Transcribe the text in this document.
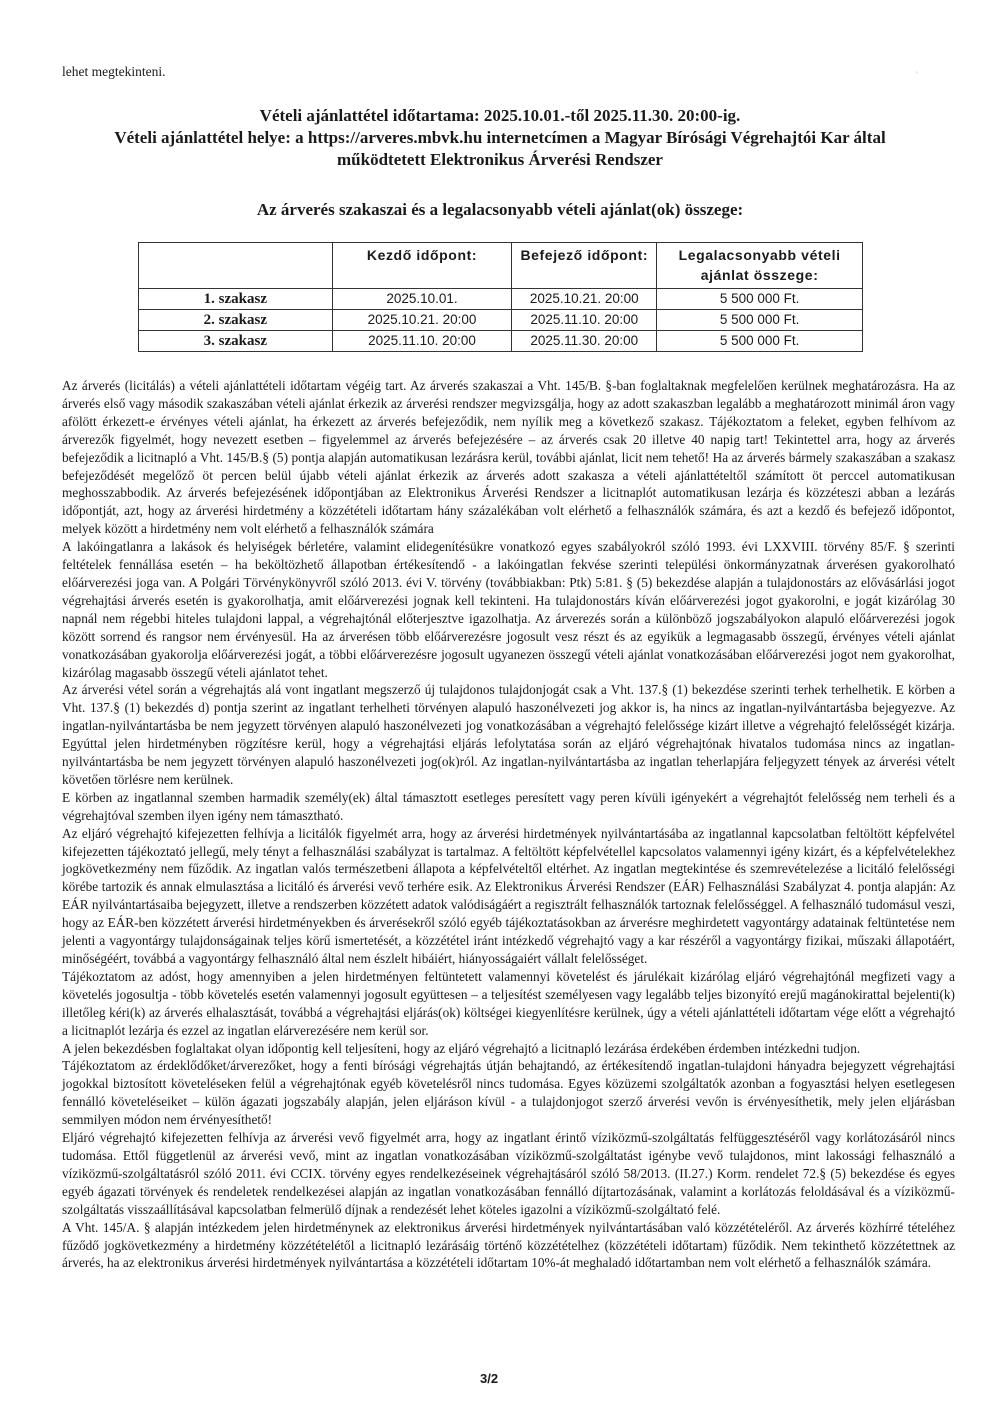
lehet megtekinteni.	′
Vételi ajánlattétel időtartama: 2025.10.01.-től 2025.11.30. 20:00-ig.
Vételi ajánlattétel helye: a https://arveres.mbvk.hu internetcímen a Magyar Bírósági Végrehajtói Kar által
működtetett Elektronikus Árverési Rendszer
Az árverés szakaszai és a legalacsonyabb vételi ajánlat(ok) összege:
	Kezdő időpont:	Befejező időpont:	Legalacsonyabb vételi ajánlat összege:
1. szakasz	2025.10.01.	2025.10.21. 20:00	5 500 000 Ft.
2. szakasz	2025.10.21. 20:00	2025.11.10. 20:00	5 500 000 Ft.
3. szakasz	2025.11.10. 20:00	2025.11.30. 20:00	5 500 000 Ft.

Az árverés (licitálás) a vételi ajánlattételi időtartam végéig tart. Az árverés szakaszai a Vht. 145/B. §-ban foglaltaknak megfelelően kerülnek meghatározásra. Ha az árverés első vagy második szakaszában vételi ajánlat érkezik az árverési rendszer megvizsgálja, hogy az adott szakaszban legalább a meghatározott minimál áron vagy afölött érkezett-e érvényes vételi ajánlat, ha érkezett az árverés befejeződik, nem nyílik meg a következő szakasz. Tájékoztatom a feleket, egyben felhívom az árverezők figyelmét, hogy nevezett esetben – figyelemmel az árverés befejezésére – az árverés csak 20 illetve 40 napig tart! Tekintettel arra, hogy az árverés befejeződik a licitnapló a Vht. 145/B.§ (5) pontja alapján automatikusan lezárásra kerül, további ajánlat, licit nem tehető! Ha az árverés bármely szakaszában a szakasz befejeződését megelőző öt percen belül újabb vételi ajánlat érkezik az árverés adott szakasza a vételi ajánlattételtől számított öt perccel automatikusan meghosszabbodik. Az árverés befejezésének időpontjában az Elektronikus Árverési Rendszer a licitnaplót automatikusan lezárja és közzéteszi abban a lezárás időpontját, azt, hogy az árverési hirdetmény a közzétételi időtartam hány százalékában volt elérhető a felhasználók számára, és azt a kezdő és befejező időpontot, melyek között a hirdetmény nem volt elérhető a felhasználók számára

A lakóingatlanra a lakások és helyiségek bérletére, valamint elidegenítésükre vonatkozó egyes szabályokról szóló 1993. évi LXXVIII. törvény 85/F. § szerinti feltételek fennállása esetén – ha beköltözhető állapotban értékesítendő - a lakóingatlan fekvése szerinti települési önkormányzatnak árverésen gyakorolható előárverezési joga van. A Polgári Törvénykönyvről szóló 2013. évi V. törvény (továbbiakban: Ptk) 5:81. § (5) bekezdése alapján a tulajdonostárs az elővásárlási jogot végrehajtási árverés esetén is gyakorolhatja, amit előárverezési jognak kell tekinteni. Ha tulajdonostárs kíván előárverezési jogot gyakorolni, e jogát kizárólag 30 napnál nem régebbi hiteles tulajdoni lappal, a végrehajtónál előterjesztve igazolhatja. Az árverezés során a különböző jogszabályokon alapuló előárverezési jogok között sorrend és rangsor nem érvényesül. Ha az árverésen több előárverezésre jogosult vesz részt és az egyikük a legmagasabb összegű, érvényes vételi ajánlat vonatkozásában gyakorolja előárverezési jogát, a többi előárverezésre jogosult ugyanezen összegű vételi ajánlat vonatkozásában előárverezési jogot nem gyakorolhat, kizárólag magasabb összegű vételi ajánlatot tehet.

Az árverési vétel során a végrehajtás alá vont ingatlant megszerző új tulajdonos tulajdonjogát csak a Vht. 137.§ (1) bekezdése szerinti terhek terhelhetik. E körben a Vht. 137.§ (1) bekezdés d) pontja szerint az ingatlant terhelheti törvényen alapuló haszonélvezeti jog akkor is, ha nincs az ingatlan-nyilvántartásba bejegyezve. Az ingatlan-nyilvántartásba be nem jegyzett törvényen alapuló haszonélvezeti jog vonatkozásában a végrehajtó felelőssége kizárt illetve a végrehajtó felelősségét kizárja. Egyúttal jelen hirdetményben rögzítésre kerül, hogy a végrehajtási eljárás lefolytatása során az eljáró végrehajtónak hivatalos tudomása nincs az ingatlan-nyilvántartásba be nem jegyzett törvényen alapuló haszonélvezeti jog(ok)ról. Az ingatlan-nyilvántartásba az ingatlan teherlapjára feljegyzett tények az árverési vételt követően törlésre nem kerülnek.

E körben az ingatlannal szemben harmadik személy(ek) által támasztott esetleges peresített vagy peren kívüli igényekért a végrehajtót felelősség nem terheli és a végrehajtóval szemben ilyen igény nem támasztható.

Az eljáró végrehajtó kifejezetten felhívja a licitálók figyelmét arra, hogy az árverési hirdetmények nyilvántartásába az ingatlannal kapcsolatban feltöltött képfelvétel kifejezetten tájékoztató jellegű, mely tényt a felhasználási szabályzat is tartalmaz. A feltöltött képfelvétellel kapcsolatos valamennyi igény kizárt, és a képfelvételekhez jogkövetkezmény nem fűződik. Az ingatlan valós természetbeni állapota a képfelvételtől eltérhet. Az ingatlan megtekintése és szemrevételezése a licitáló felelősségi körébe tartozik és annak elmulasztása a licitáló és árverési vevő terhére esik. Az Elektronikus Árverési Rendszer (EÁR) Felhasználási Szabályzat 4. pontja alapján: Az EÁR nyilvántartásaiba bejegyzett, illetve a rendszerben közzétett adatok valódiságáért a regisztrált felhasználók tartoznak felelősséggel. A felhasználó tudomásul veszi, hogy az EÁR-ben közzétett árverési hirdetményekben és árverésekről szóló egyéb tájékoztatásokban az árverésre meghirdetett vagyontárgy adatainak feltüntetése nem jelenti a vagyontárgy tulajdonságainak teljes körű ismertetését, a közzététel iránt intézkedő végrehajtó vagy a kar részéről a vagyontárgy fizikai, műszaki állapotáért, minőségéért, továbbá a vagyontárgy felhasználó által nem észlelt hibáiért, hiányosságaiért vállalt felelősséget.

Tájékoztatom az adóst, hogy amennyiben a jelen hirdetményen feltüntetett valamennyi követelést és járulékait kizárólag eljáró végrehajtónál megfizeti vagy a követelés jogosultja - több követelés esetén valamennyi jogosult együttesen – a teljesítést személyesen vagy legalább teljes bizonyító erejű magánokirattal bejelenti(k) illetőleg kéri(k) az árverés elhalasztását, továbbá a végrehajtási eljárás(ok) költségei kiegyenlítésre kerülnek, úgy a vételi ajánlattételi időtartam vége előtt a végrehajtó a licitnaplót lezárja és ezzel az ingatlan elárverezésére nem kerül sor.

A jelen bekezdésben foglaltakat olyan időpontig kell teljesíteni, hogy az eljáró végrehajtó a licitnapló lezárása érdekében érdemben intézkedni tudjon.

Tájékoztatom az érdeklődőket/árverezőket, hogy a fenti bírósági végrehajtás útján behajtandó, az értékesítendő ingatlan-tulajdoni hányadra bejegyzett végrehajtási jogokkal biztosított követeléseken felül a végrehajtónak egyéb követelésről nincs tudomása. Egyes közüzemi szolgáltatók azonban a fogyasztási helyen esetlegesen fennálló követeléseiket – külön ágazati jogszabály alapján, jelen eljáráson kívül - a tulajdonjogot szerző árverési vevőn is érvényesíthetik, mely jelen eljárásban semmilyen módon nem érvényesíthető!

Eljáró végrehajtó kifejezetten felhívja az árverési vevő figyelmét arra, hogy az ingatlant érintő víziközmű-szolgáltatás felfüggesztéséről vagy korlátozásáról nincs tudomása. Ettől függetlenül az árverési vevő, mint az ingatlan vonatkozásában víziközmű-szolgáltatást igénybe vevő tulajdonos, mint lakossági felhasználó a víziközmű-szolgáltatásról szóló 2011. évi CCIX. törvény egyes rendelkezéseinek végrehajtásáról szóló 58/2013. (II.27.) Korm. rendelet 72.§ (5) bekezdése és egyes egyéb ágazati törvények és rendeletek rendelkezései alapján az ingatlan vonatkozásában fennálló díjtartozásának, valamint a korlátozás feloldásával és a víziközmű-szolgáltatás visszaállításával kapcsolatban felmerülő díjnak a rendezését lehet köteles igazolni a víziközmű-szolgáltató felé.

A Vht. 145/A. § alapján intézkedem jelen hirdetménynek az elektronikus árverési hirdetmények nyilvántartásában való közzétételéről. Az árverés közhírré tételéhez fűződő jogkövetkezmény a hirdetmény közzétételétől a licitnapló lezárásáig történő közzétételhez (közzétételi időtartam) fűződik. Nem tekinthető közzétettnek az árverés, ha az elektronikus árverési hirdetmények nyilvántartása a közzétételi időtartam 10%-át meghaladó időtartamban nem volt elérhető a felhasználók számára.

3/2
